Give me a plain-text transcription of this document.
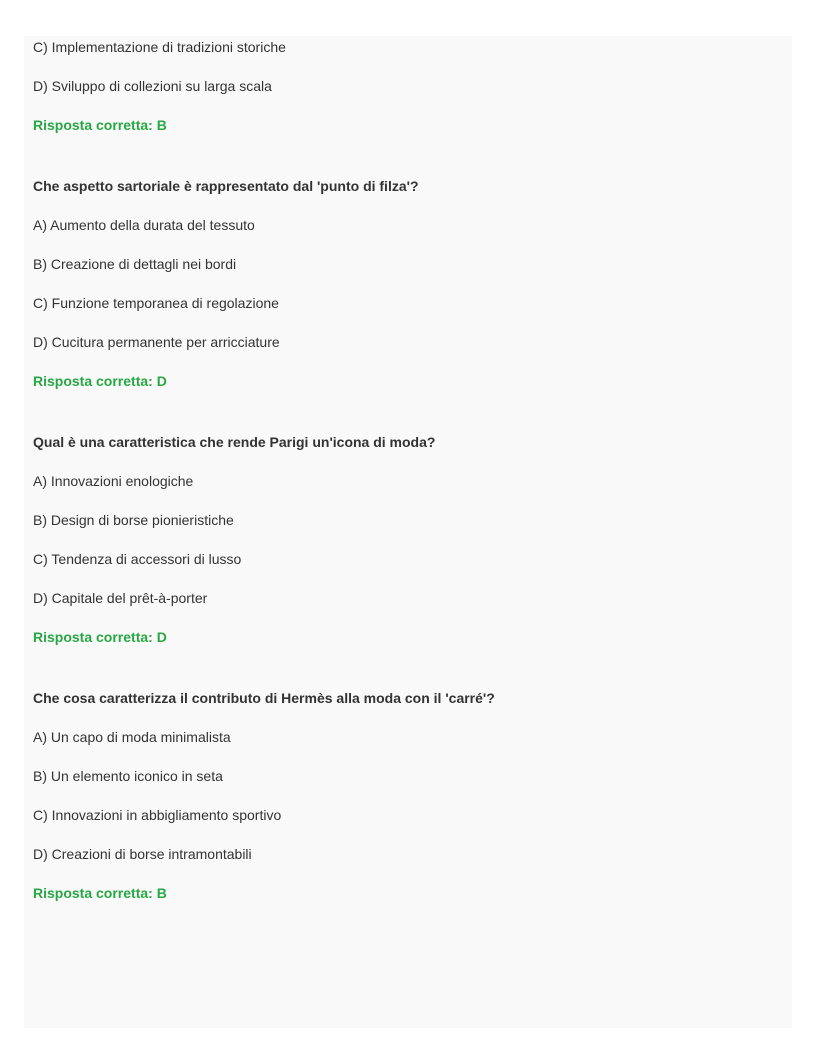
C) Implementazione di tradizioni storiche

D) Sviluppo di collezioni su larga scala

Risposta corretta: B

Che aspetto sartoriale è rappresentato dal 'punto di filza'?

A) Aumento della durata del tessuto

B) Creazione di dettagli nei bordi

C) Funzione temporanea di regolazione

D) Cucitura permanente per arricciature

Risposta corretta: D

Qual è una caratteristica che rende Parigi un'icona di moda?

A) Innovazioni enologiche

B) Design di borse pionieristiche

C) Tendenza di accessori di lusso

D) Capitale del prêt-à-porter

Risposta corretta: D

Che cosa caratterizza il contributo di Hermès alla moda con il 'carré'?

A) Un capo di moda minimalista

B) Un elemento iconico in seta

C) Innovazioni in abbigliamento sportivo

D) Creazioni di borse intramontabili

Risposta corretta: B
